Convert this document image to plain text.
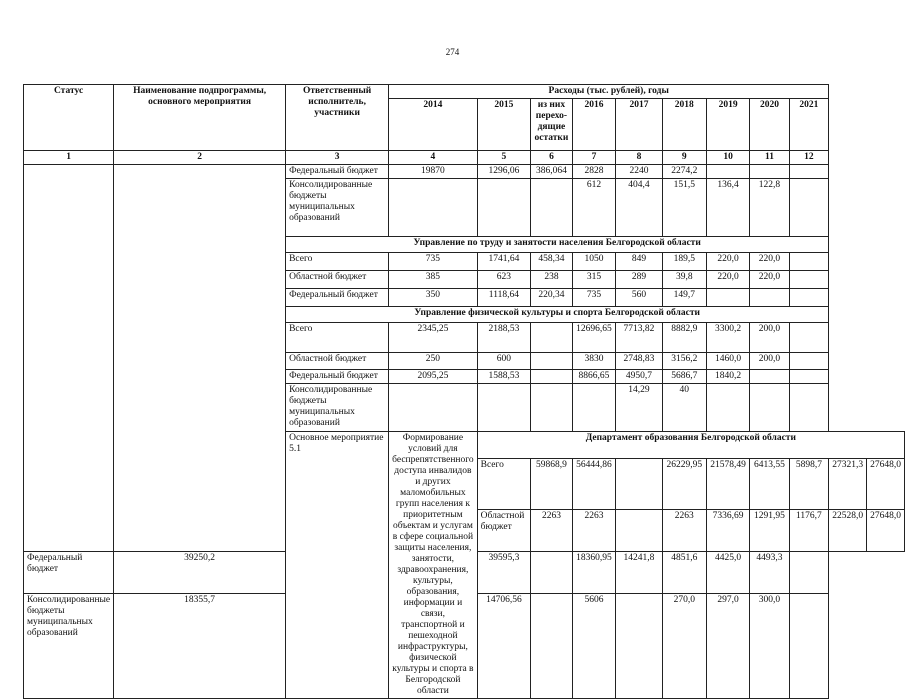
274
Статус	Наименование подпрограммы, основного мероприятия	Ответственный исполнитель, участники	Расходы (тыс. рублей), годы										
			2014	2015	из них перехо-дящие остатки	2016	2017	2018	2019	2020	2021		
1	2	3	4	5	6	7	8	9	10	11	12		
		Федеральный бюджет	19870	1296,06	386,064	2828	2240	2274,2					
		Консолидированные бюджеты муниципальных образований				612	404,4	151,5	136,4	122,8			
		Управление по труду и занятости населения Белгородской области											
		Всего	735	1741,64	458,34	1050	849	189,5	220,0	220,0			
		Областной бюджет	385	623	238	315	289	39,8	220,0	220,0			
		Федеральный бюджет	350	1118,64	220,34	735	560	149,7					
		Управление физической культуры и спорта Белгородской области											
		Всего	2345,25	2188,53		12696,65	7713,82	8882,9	3300,2	200,0			
		Областной бюджет	250	600		3830	2748,83	3156,2	1460,0	200,0			
		Федеральный бюджет	2095,25	1588,53		8866,65	4950,7	5686,7	1840,2				
		Консолидированные бюджеты муниципальных образований					14,29	40					
		Основное мероприятие 5.1	Формирование условий для беспрепятственного доступа инвалидов и других маломобильных групп населения к приоритетным объектам и услугам в сфере социальной защиты населения, занятости, здравоохранения, культуры, образования, информации и связи, транспортной и пешеходной инфраструктуры, физической культуры и спорта в Белгородской области	Департамент образования Белгородской области									
				Всего	59868,9	56444,86		26229,95	21578,49	6413,55	5898,7	27321,3	27648,0
				Областной бюджет	2263	2263		2263	7336,69	1291,95	1176,7	22528,0	27648,0
Федеральный бюджет	39250,2			39595,3		18360,95	14241,8	4851,6	4425,0	4493,3			
Консолидированные бюджеты муниципальных образований	18355,7			14706,56		5606		270,0	297,0	300,0			
